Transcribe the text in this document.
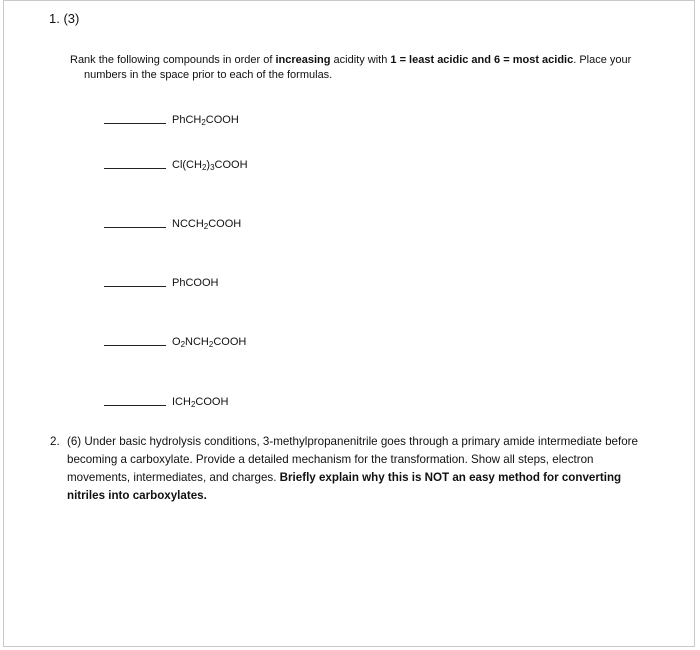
1. (3)
Rank the following compounds in order of increasing acidity with 1 = least acidic and 6 = most acidic. Place your
numbers in the space prior to each of the formulas.
PhCH$_2$COOH
$Cl(CH_2)_3COOH$
$NCCH_2COOH$
PhCOOH
$O_2NCH_2COOH$
$ICH_2COOH$
2. (6) Under basic hydrolysis conditions, 3-methylpropanenitrile goes through a primary amide intermediate before becoming a carboxylate. Provide a detailed mechanism for the transformation. Show all steps, electron movements, intermediates, and charges. Briefly explain why this is NOT an easy method for converting nitriles into carboxylates.
